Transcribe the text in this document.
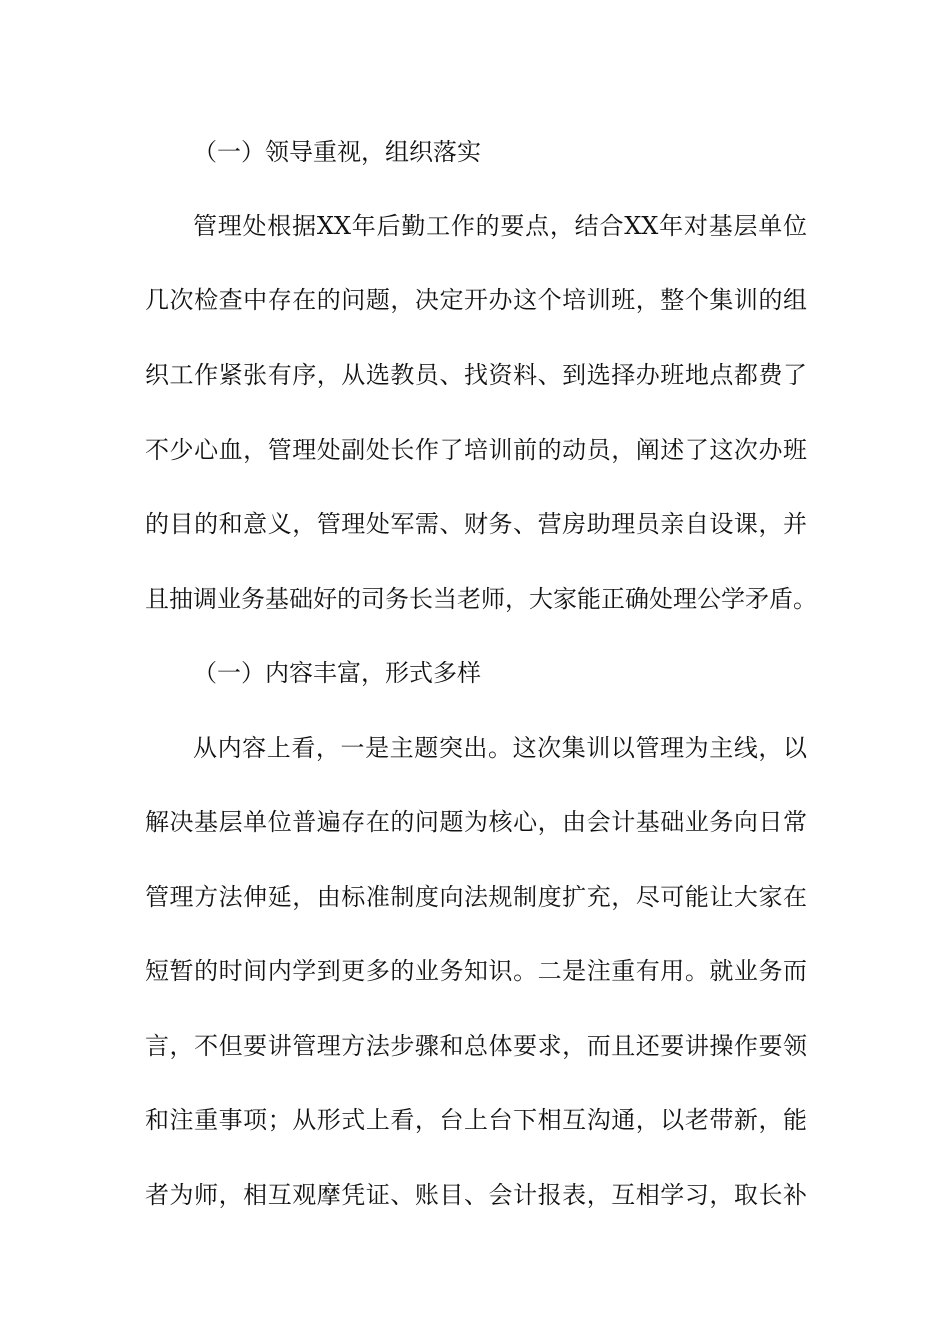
（一）领导重视，组织落实
管理处根据XX年后勤工作的要点，结合XX年对基层单位
几次检查中存在的问题，决定开办这个培训班，整个集训的组
织工作紧张有序，从选教员、找资料、到选择办班地点都费了
不少心血，管理处副处长作了培训前的动员，阐述了这次办班
的目的和意义，管理处军需、财务、营房助理员亲自设课，并
且抽调业务基础好的司务长当老师，大家能正确处理公学矛盾。
（一）内容丰富，形式多样
从内容上看，一是主题突出。这次集训以管理为主线，以
解决基层单位普遍存在的问题为核心，由会计基础业务向日常
管理方法伸延，由标准制度向法规制度扩充，尽可能让大家在
短暂的时间内学到更多的业务知识。二是注重有用。就业务而
言，不但要讲管理方法步骤和总体要求，而且还要讲操作要领
和注重事项；从形式上看，台上台下相互沟通，以老带新，能
者为师，相互观摩凭证、账目、会计报表，互相学习，取长补
